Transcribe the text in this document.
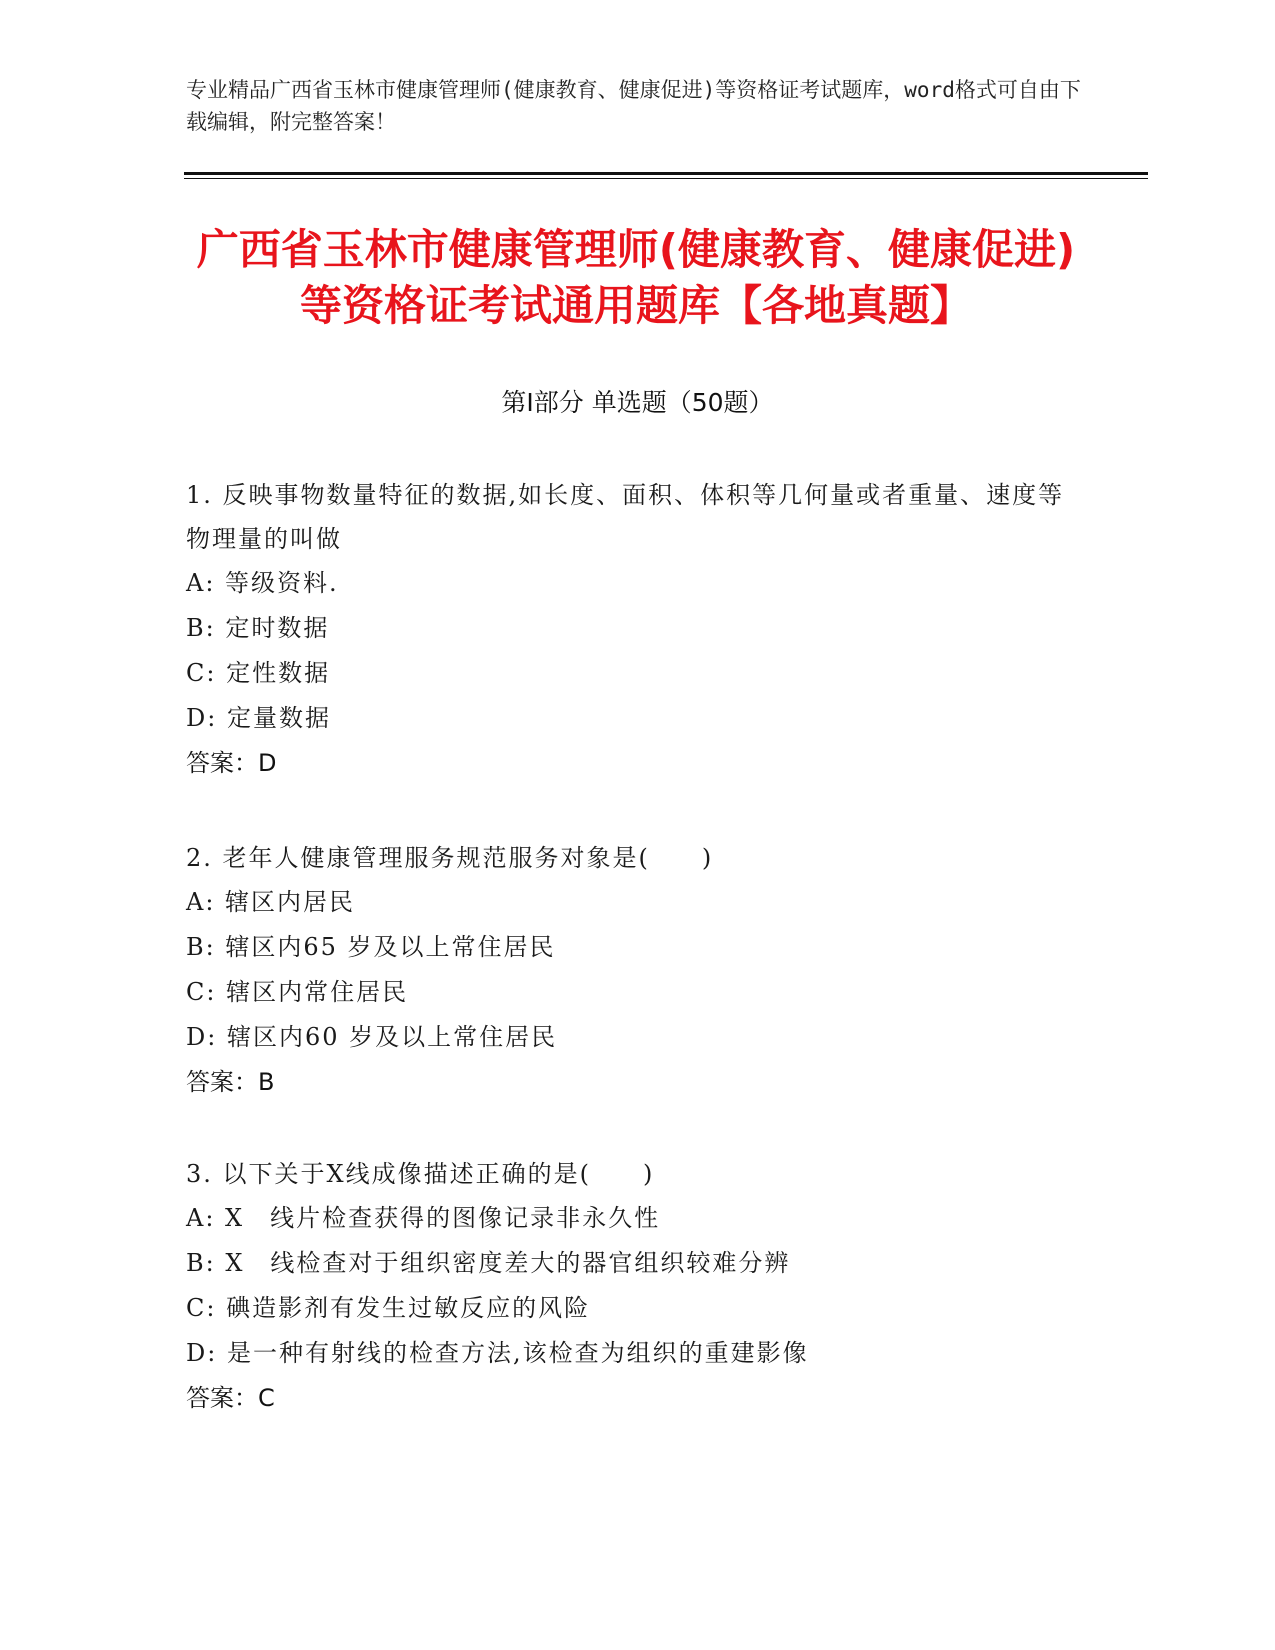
专业精品广西省玉林市健康管理师(健康教育、健康促进)等资格证考试题库，word格式可自由下载编辑，附完整答案！
广西省玉林市健康管理师(健康教育、健康促进)等资格证考试通用题库【各地真题】
第Ⅰ部分 单选题（50题）
1. 反映事物数量特征的数据,如长度、面积、体积等几何量或者重量、速度等物理量的叫做
A: 等级资料.
B: 定时数据
C: 定性数据
D: 定量数据
答案：D
2. 老年人健康管理服务规范服务对象是(　　)
A: 辖区内居民
B: 辖区内65 岁及以上常住居民
C: 辖区内常住居民
D: 辖区内60 岁及以上常住居民
答案：B
3. 以下关于X线成像描述正确的是(　　)
A: X　线片检查获得的图像记录非永久性
B: X　线检查对于组织密度差大的器官组织较难分辨
C: 碘造影剂有发生过敏反应的风险
D: 是一种有射线的检查方法,该检查为组织的重建影像
答案：C
